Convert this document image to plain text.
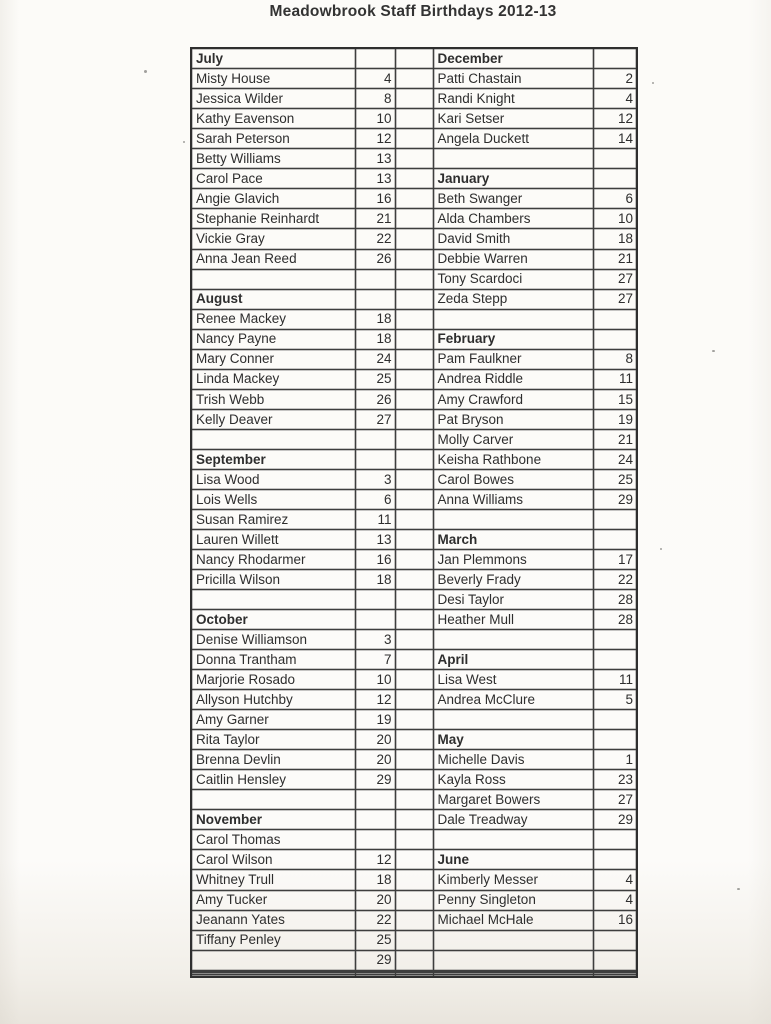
Meadowbrook Staff Birthdays 2012-13
July			December	
Misty House	4		Patti Chastain	2
Jessica Wilder	8		Randi Knight	4
Kathy Eavenson	10		Kari Setser	12
Sarah Peterson	12		Angela Duckett	14
Betty Williams	13			
Carol Pace	13		January	
Angie Glavich	16		Beth Swanger	6
Stephanie Reinhardt	21		Alda Chambers	10
Vickie Gray	22		David Smith	18
Anna Jean Reed	26		Debbie Warren	21
			Tony Scardoci	27
August			Zeda Stepp	27
Renee Mackey	18			
Nancy Payne	18		February	
Mary Conner	24		Pam Faulkner	8
Linda Mackey	25		Andrea Riddle	11
Trish Webb	26		Amy Crawford	15
Kelly Deaver	27		Pat Bryson	19
			Molly Carver	21
September			Keisha Rathbone	24
Lisa Wood	3		Carol Bowes	25
Lois Wells	6		Anna Williams	29
Susan Ramirez	11			
Lauren Willett	13		March	
Nancy Rhodarmer	16		Jan Plemmons	17
Pricilla Wilson	18		Beverly Frady	22
			Desi Taylor	28
October			Heather Mull	28
Denise Williamson	3			
Donna Trantham	7		April	
Marjorie Rosado	10		Lisa West	11
Allyson Hutchby	12		Andrea McClure	5
Amy Garner	19			
Rita Taylor	20		May	
Brenna Devlin	20		Michelle Davis	1
Caitlin Hensley	29		Kayla Ross	23
			Margaret Bowers	27
November			Dale Treadway	29
Carol Thomas				
Carol Wilson	12		June	
Whitney Trull	18		Kimberly Messer	4
Amy Tucker	20		Penny Singleton	4
Jeanann Yates	22		Michael McHale	16
Tiffany Penley	25			
	29			
